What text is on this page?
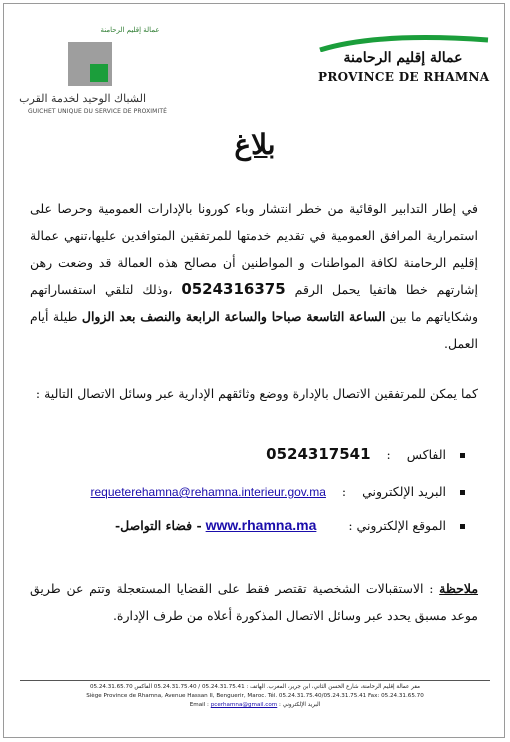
عمالة إقليم الرحامنة
الشباك الوحيد لخدمة القرب
GUICHET UNIQUE DU SERVICE DE PROXIMITÉ
عمالة إقليم الرحامنة
PROVINCE DE RHAMNA
بلاغ
في إطار التدابير الوقائية من خطر انتشار وباء كورونا بالإدارات العمومية وحرصا على استمرارية المرافق العمومية في تقديم خدمتها للمرتفقين المتوافدين عليها،تنهي عمالة إقليم الرحامنة لكافة المواطنات و المواطنين أن مصالح هذه العمالة قد وضعت رهن إشارتهم خطا هاتفيا يحمل الرقم 0524316375 ،وذلك لتلقي استفساراتهم وشكاياتهم ما بين الساعة التاسعة صباحا والساعة الرابعة والنصف بعد الزوال طيلة أيام العمل.
كما يمكن للمرتفقين الاتصال بالإدارة ووضع وثائقهم الإدارية عبر وسائل الاتصال التالية :
الفاكس : 0524317541
البريد الإلكتروني : requeterehamna@rehamna.interieur.gov.ma
الموقع الإلكتروني :  www.rhamna.ma - فضاء التواصل-
ملاحظة : الاستقبالات الشخصية تقتصر فقط على القضايا المستعجلة وتتم عن طريق موعد مسبق يحدد عبر وسائل الاتصال المذكورة أعلاه من طرف الإدارة.
مقر عمالة إقليم الرحامنة، شارع الحسن الثاني، ابن جرير، المغرب. الهاتف : 05.24.31.75.41 / 05.24.31.75.40 الفاكس 05.24.31.65.70
Siège Province de Rhamna, Avenue Hassan II, Benguerir, Maroc. Tél. 05.24.31.75.40/05.24.31.75.41 Fax: 05.24.31.65.70
Email : pcerhamna@gmail.com : البريد الإلكتروني
